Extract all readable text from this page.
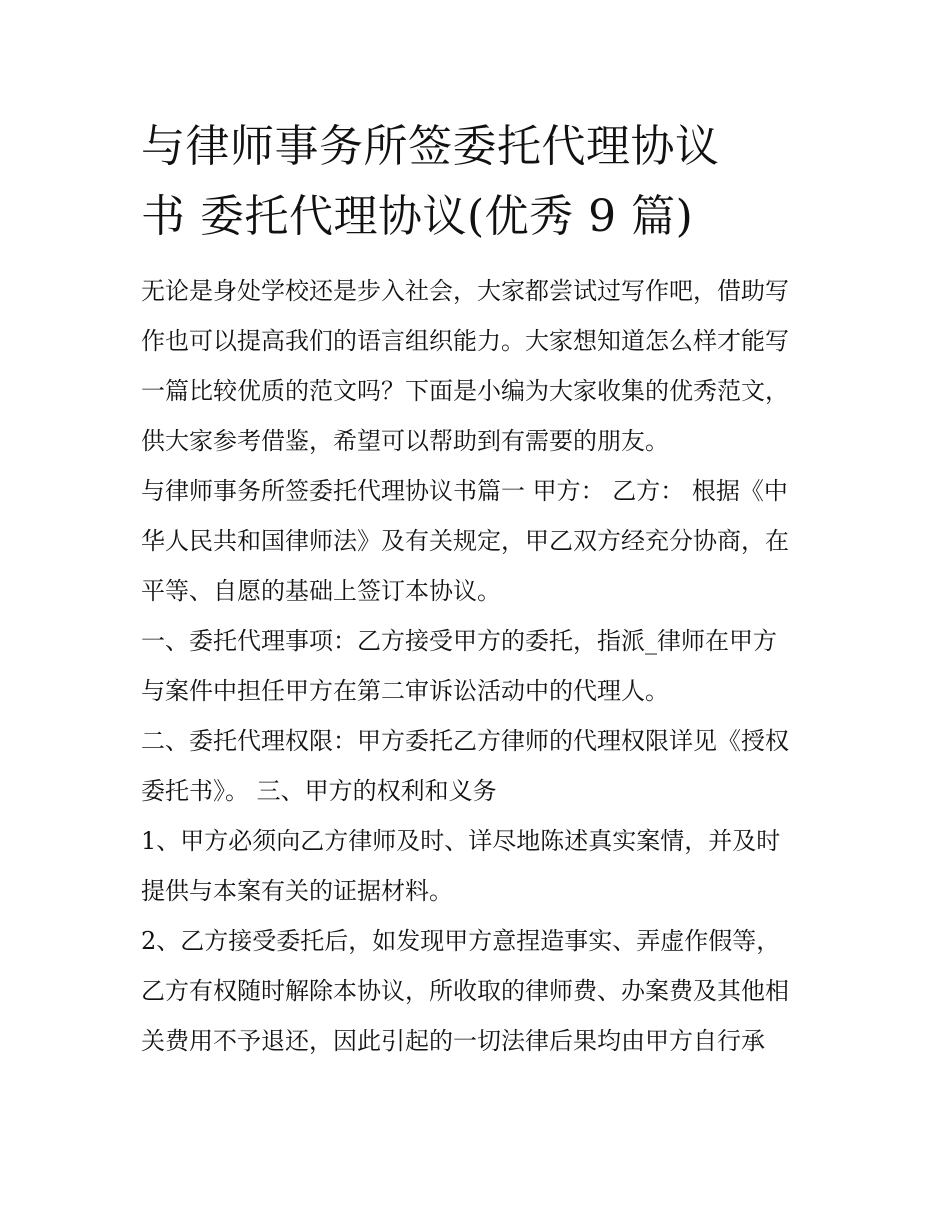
与律师事务所签委托代理协议
书 委托代理协议(优秀 9 篇)

无论是身处学校还是步入社会，大家都尝试过写作吧，借助写
作也可以提高我们的语言组织能力。大家想知道怎么样才能写
一篇比较优质的范文吗？下面是小编为大家收集的优秀范文，
供大家参考借鉴，希望可以帮助到有需要的朋友。

与律师事务所签委托代理协议书篇一 甲方： 乙方： 根据《中
华人民共和国律师法》及有关规定，甲乙双方经充分协商，在
平等、自愿的基础上签订本协议。

一、委托代理事项：乙方接受甲方的委托，指派_律师在甲方
与案件中担任甲方在第二审诉讼活动中的代理人。

二、委托代理权限：甲方委托乙方律师的代理权限详见《授权
委托书》。 三、甲方的权利和义务

1、甲方必须向乙方律师及时、详尽地陈述真实案情，并及时
提供与本案有关的证据材料。

2、乙方接受委托后，如发现甲方意捏造事实、弄虚作假等，
乙方有权随时解除本协议，所收取的律师费、办案费及其他相
关费用不予退还，因此引起的一切法律后果均由甲方自行承
